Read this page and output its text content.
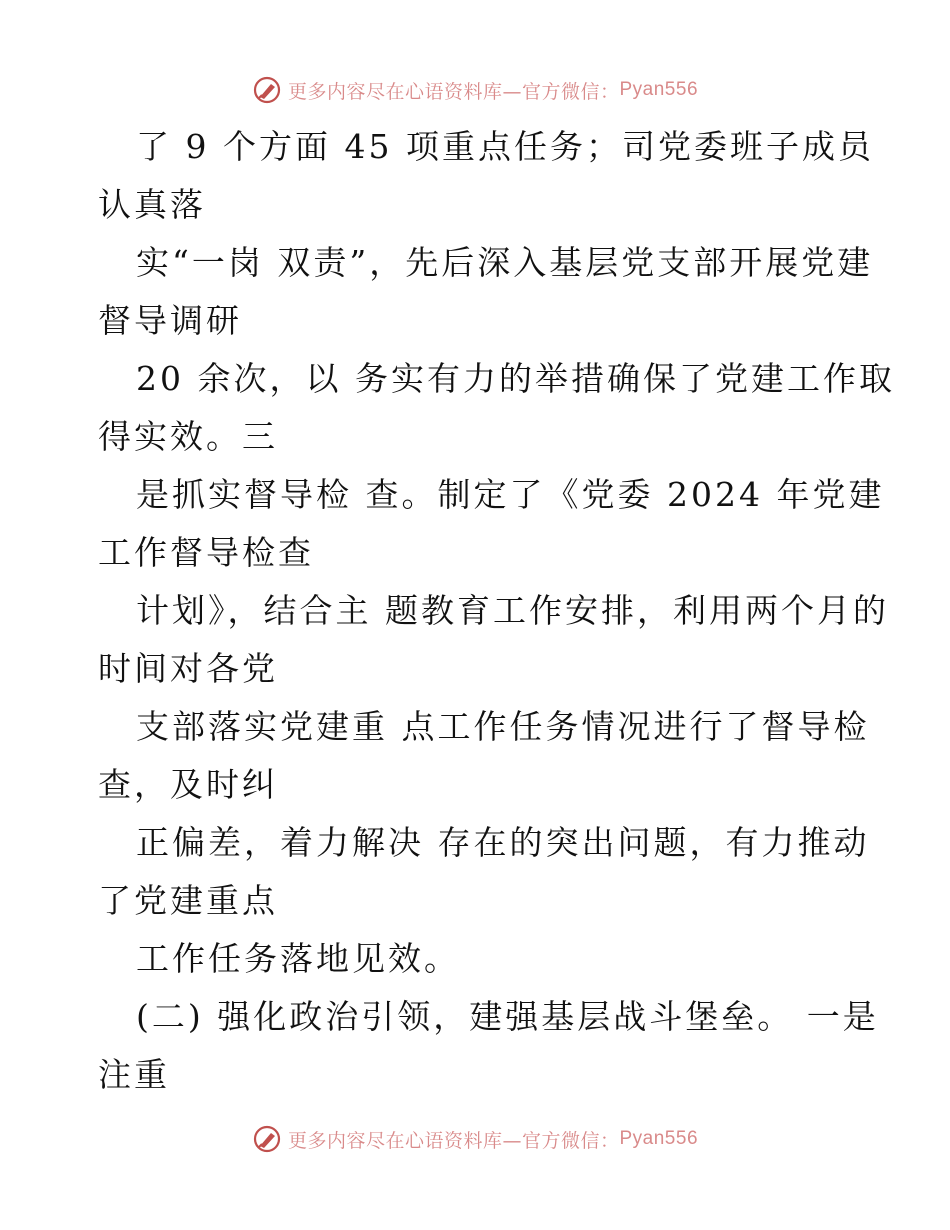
更多内容尽在心语资料库—官方微信： Pyan556
了 9 个方面 45 项重点任务；司党委班子成员
认真落
实“一岗 双责”，先后深入基层党支部开展党建
督导调研
20 余次，以 务实有力的举措确保了党建工作取
得实效。三
是抓实督导检 查。制定了《党委 2024 年党建
工作督导检查
计划》，结合主 题教育工作安排，利用两个月的
时间对各党
支部落实党建重 点工作任务情况进行了督导检
查，及时纠
正偏差，着力解决 存在的突出问题，有力推动
了党建重点
工作任务落地见效。
(二) 强化政治引领，建强基层战斗堡垒。 一是
注重
更多内容尽在心语资料库—官方微信： Pyan556
